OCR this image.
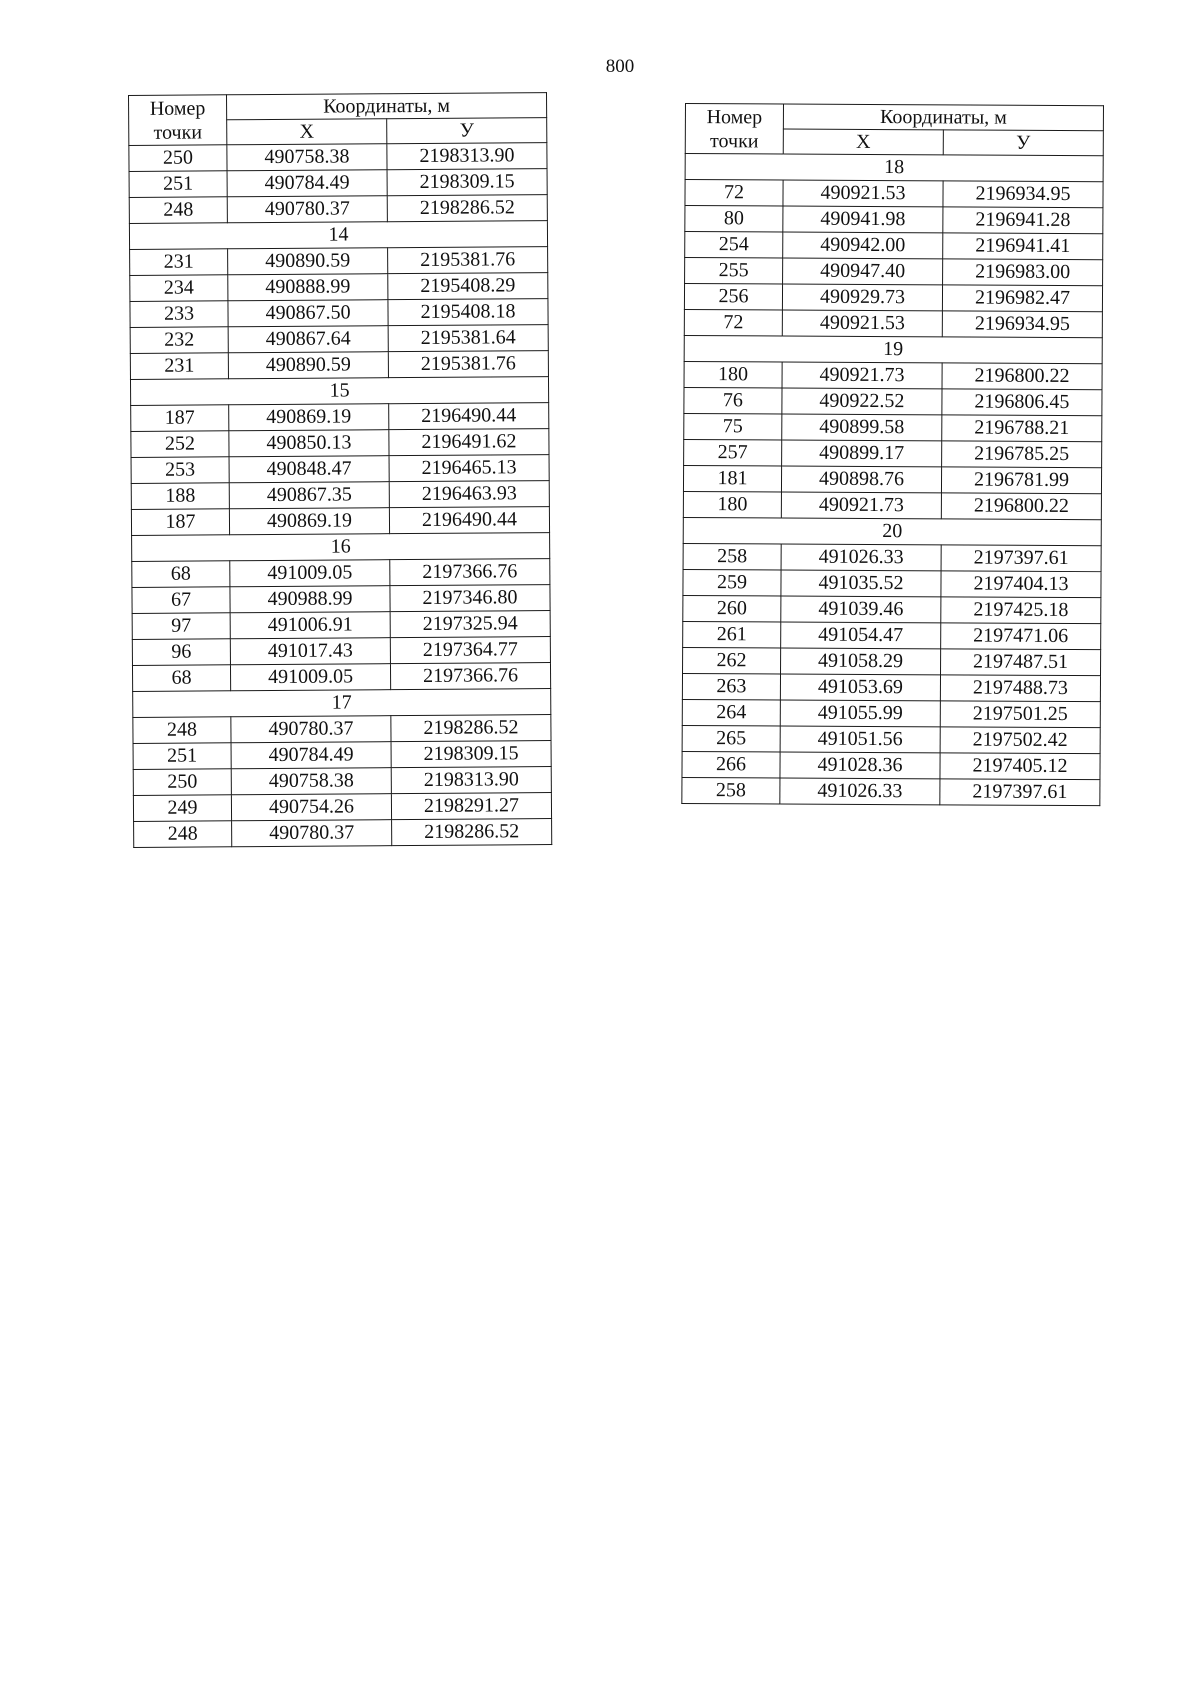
800
Номер
точки	Координаты, м	
	X	У
250	490758.38	2198313.90
251	490784.49	2198309.15
248	490780.37	2198286.52
14		
231	490890.59	2195381.76
234	490888.99	2195408.29
233	490867.50	2195408.18
232	490867.64	2195381.64
231	490890.59	2195381.76
15		
187	490869.19	2196490.44
252	490850.13	2196491.62
253	490848.47	2196465.13
188	490867.35	2196463.93
187	490869.19	2196490.44
16		
68	491009.05	2197366.76
67	490988.99	2197346.80
97	491006.91	2197325.94
96	491017.43	2197364.77
68	491009.05	2197366.76
17		
248	490780.37	2198286.52
251	490784.49	2198309.15
250	490758.38	2198313.90
249	490754.26	2198291.27
248	490780.37	2198286.52
Номер
точки	Координаты, м	
	X	У
18		
72	490921.53	2196934.95
80	490941.98	2196941.28
254	490942.00	2196941.41
255	490947.40	2196983.00
256	490929.73	2196982.47
72	490921.53	2196934.95
19		
180	490921.73	2196800.22
76	490922.52	2196806.45
75	490899.58	2196788.21
257	490899.17	2196785.25
181	490898.76	2196781.99
180	490921.73	2196800.22
20		
258	491026.33	2197397.61
259	491035.52	2197404.13
260	491039.46	2197425.18
261	491054.47	2197471.06
262	491058.29	2197487.51
263	491053.69	2197488.73
264	491055.99	2197501.25
265	491051.56	2197502.42
266	491028.36	2197405.12
258	491026.33	2197397.61
